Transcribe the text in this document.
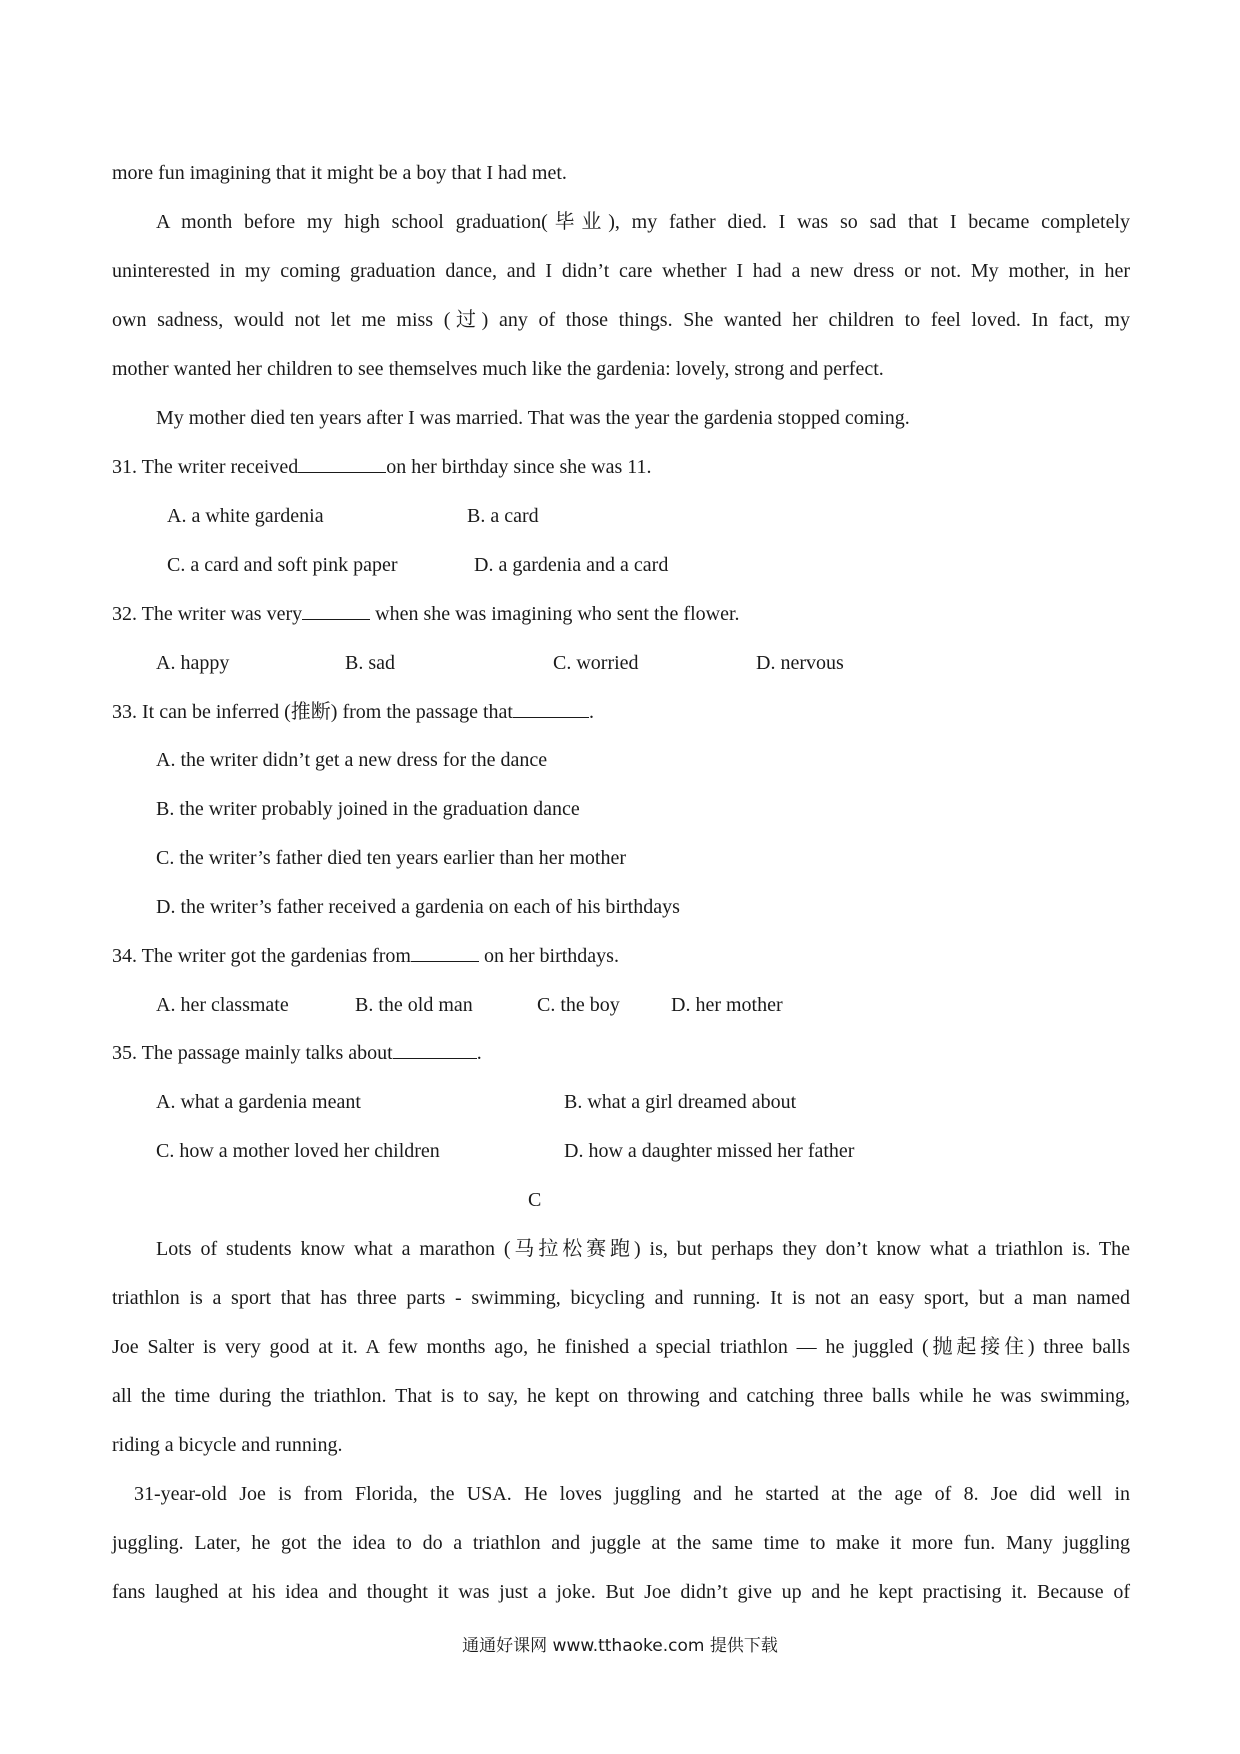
more fun imagining that it might be a boy that I had met.
A month before my high school graduation(毕业), my father died. I was so sad that I became completely
uninterested in my coming graduation dance, and I didn’t care whether I had a new dress or not. My mother, in her
own sadness, would not let me miss (过) any of those things. She wanted her children to feel loved. In fact, my
mother wanted her children to see themselves much like the gardenia: lovely, strong and perfect.
My mother died ten years after I was married. That was the year the gardenia stopped coming.
31. The writer received	on her birthday since she was 11.
A. a white gardenia	B. a card
C. a card and soft pink paper	D. a gardenia and a card
32. The writer was very	when she was imagining who sent the flower.
A. happy	B. sad	C. worried	D. nervous
33. It can be inferred (推断) from the passage that	.
A. the writer didn’t get a new dress for the dance
B. the writer probably joined in the graduation dance
C. the writer’s father died ten years earlier than her mother
D. the writer’s father received a gardenia on each of his birthdays
34. The writer got the gardenias from	on her birthdays.
A. her classmate	B. the old man	C. the boy	D. her mother
35. The passage mainly talks about	.
A. what a gardenia meant	B. what a girl dreamed about
C. how a mother loved her children	D. how a daughter missed her father
C
Lots of students know what a marathon (马拉松赛跑) is, but perhaps they don’t know what a triathlon is. The
triathlon is a sport that has three parts - swimming, bicycling and running. It is not an easy sport, but a man named
Joe Salter is very good at it. A few months ago, he finished a special triathlon — he juggled (抛起接住) three balls
all the time during the triathlon. That is to say, he kept on throwing and catching three balls while he was swimming,
riding a bicycle and running.
31-year-old Joe is from Florida, the USA. He loves juggling and he started at the age of 8. Joe did well in
juggling. Later, he got the idea to do a triathlon and juggle at the same time to make it more fun. Many juggling
fans laughed at his idea and thought it was just a joke. But Joe didn’t give up and he kept practising it. Because of
通通好课网 www.tthaoke.com 提供下载
